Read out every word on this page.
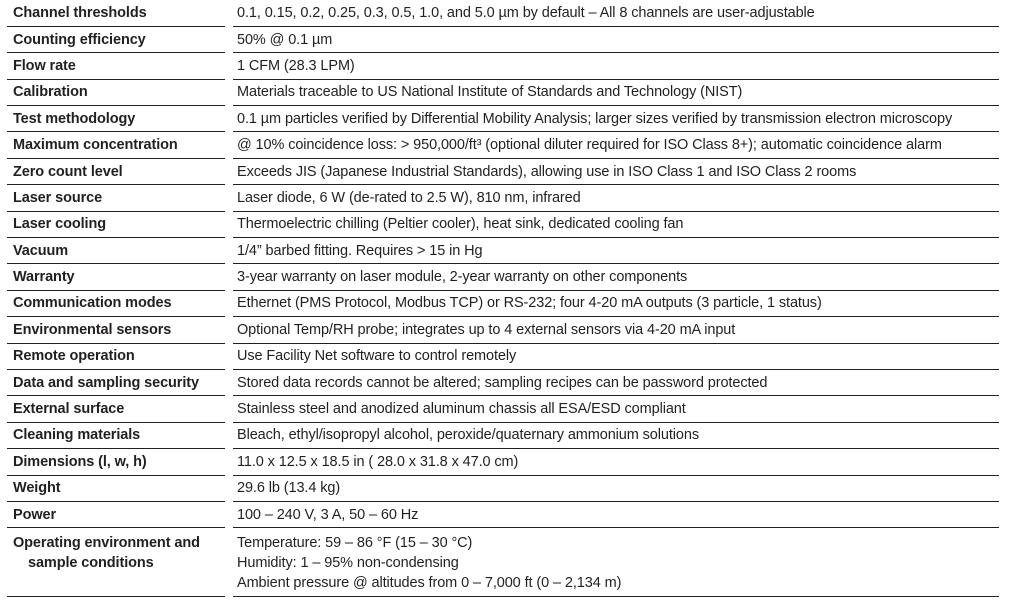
Channel thresholds		0.1, 0.15, 0.2, 0.25, 0.3, 0.5, 1.0, and 5.0 µm by default – All 8 channels are user-adjustable
Counting efficiency		50% @ 0.1 µm
Flow rate		1 CFM (28.3 LPM)
Calibration		Materials traceable to US National Institute of Standards and Technology (NIST)
Test methodology		0.1 µm particles verified by Differential Mobility Analysis; larger sizes verified by transmission electron microscopy
Maximum concentration		@ 10% coincidence loss: > 950,000/ft³ (optional diluter required for ISO Class 8+); automatic coincidence alarm
Zero count level		Exceeds JIS (Japanese Industrial Standards), allowing use in ISO Class 1 and ISO Class 2 rooms
Laser source		Laser diode, 6 W (de-rated to 2.5 W), 810 nm, infrared
Laser cooling		Thermoelectric chilling (Peltier cooler), heat sink, dedicated cooling fan
Vacuum		1/4” barbed fitting. Requires > 15 in Hg
Warranty		3-year warranty on laser module, 2-year warranty on other components
Communication modes		Ethernet (PMS Protocol, Modbus TCP) or RS-232; four 4-20 mA outputs (3 particle, 1 status)
Environmental sensors		Optional Temp/RH probe; integrates up to 4 external sensors via 4-20 mA input
Remote operation		Use Facility Net software to control remotely
Data and sampling security		Stored data records cannot be altered; sampling recipes can be password protected
External surface		Stainless steel and anodized aluminum chassis all ESA/ESD compliant
Cleaning materials		Bleach, ethyl/isopropyl alcohol, peroxide/quaternary ammonium solutions
Dimensions (l, w, h)		11.0 x 12.5 x 18.5 in ( 28.0 x 31.8 x 47.0 cm)
Weight		29.6 lb (13.4 kg)
Power		100 – 240 V, 3 A, 50 – 60 Hz

Operating environment and
sample conditions		Temperature: 59 – 86 °F (15 – 30 °C)
Humidity: 1 – 95% non-condensing
Ambient pressure @ altitudes from 0 – 7,000 ft (0 – 2,134 m)
